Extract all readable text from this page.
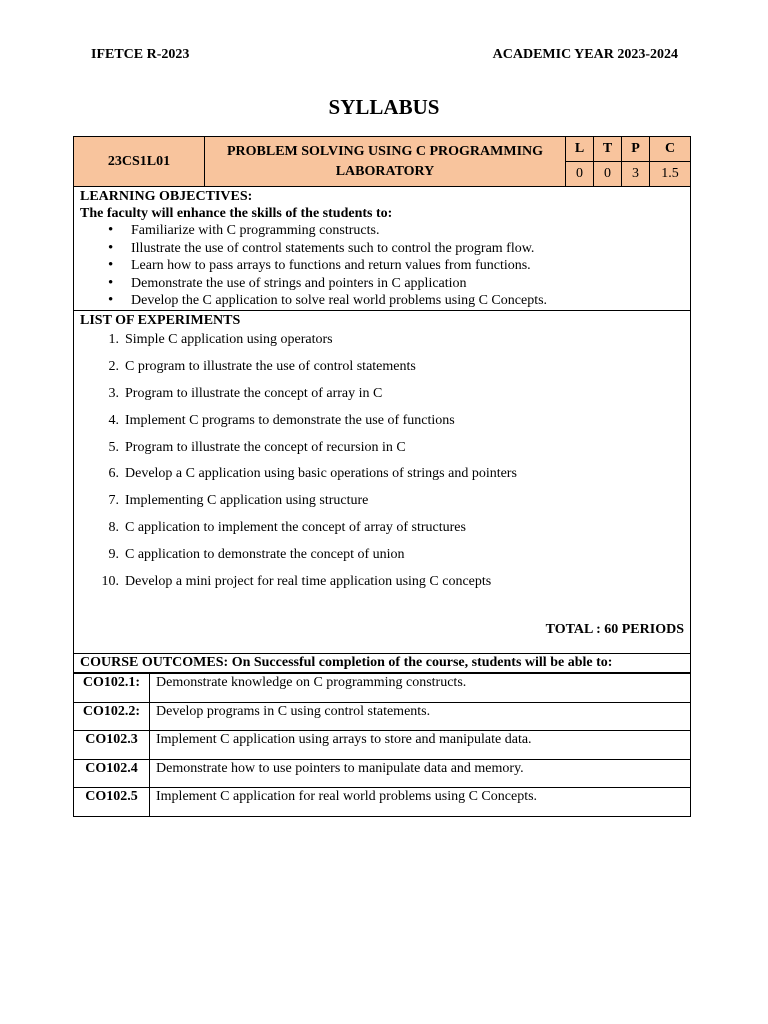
IFETCE R-2023	ACADEMIC YEAR 2023-2024
SYLLABUS
23CS1L01	PROBLEM SOLVING USING C PROGRAMMING LABORATORY	L	T	P	C
		0	0	3	1.5
LEARNING OBJECTIVES:
The faculty will enhance the skills of the students to:
• Familiarize with C programming constructs.
• Illustrate the use of control statements such to control the program flow.
• Learn how to pass arrays to functions and return values from functions.
• Demonstrate the use of strings and pointers in C application
• Develop the C application to solve real world problems using C Concepts.
LIST OF EXPERIMENTS
1. Simple C application using operators
2. C program to illustrate the use of control statements
3. Program to illustrate the concept of array in C
4. Implement C programs to demonstrate the use of functions
5. Program to illustrate the concept of recursion in C
6. Develop a C application using basic operations of strings and pointers
7. Implementing C application using structure
8. C application to implement the concept of array of structures
9. C application to demonstrate the concept of union
10. Develop a mini project for real time application using C concepts
TOTAL : 60 PERIODS
COURSE OUTCOMES: On Successful completion of the course, students will be able to:
CO102.1:	Demonstrate knowledge on C programming constructs.
CO102.2:	Develop programs in C using control statements.
CO102.3	Implement C application using arrays to store and manipulate data.
CO102.4	Demonstrate how to use pointers to manipulate data and memory.
CO102.5	Implement C application for real world problems using C Concepts.
